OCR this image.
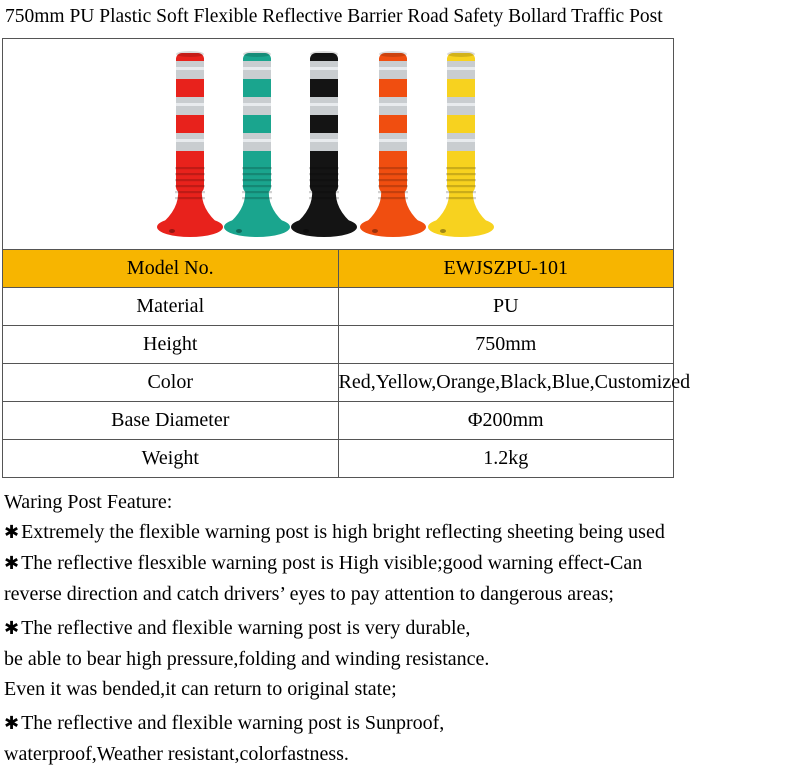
750mm PU Plastic Soft Flexible Reflective Barrier Road Safety Bollard Traffic Post

Model No.	EWJSZPU-101
Material	PU
Height	750mm
Color	Red,Yellow,Orange,Black,Blue,Customized
Base Diameter	Φ200mm
Weight	1.2kg

Waring Post Feature:

✱ Extremely the flexible warning post is high bright reflecting sheeting being used

✱ The reflective flesxible warning post is High visible;good warning effect-Can

reverse direction and catch drivers’ eyes to pay attention to dangerous areas;

✱ The reflective and flexible warning post is very durable,

be able to bear high pressure,folding and winding resistance.

Even it was bended,it can return to original state;

✱ The reflective and flexible warning post is Sunproof,

waterproof,Weather resistant,colorfastness.
